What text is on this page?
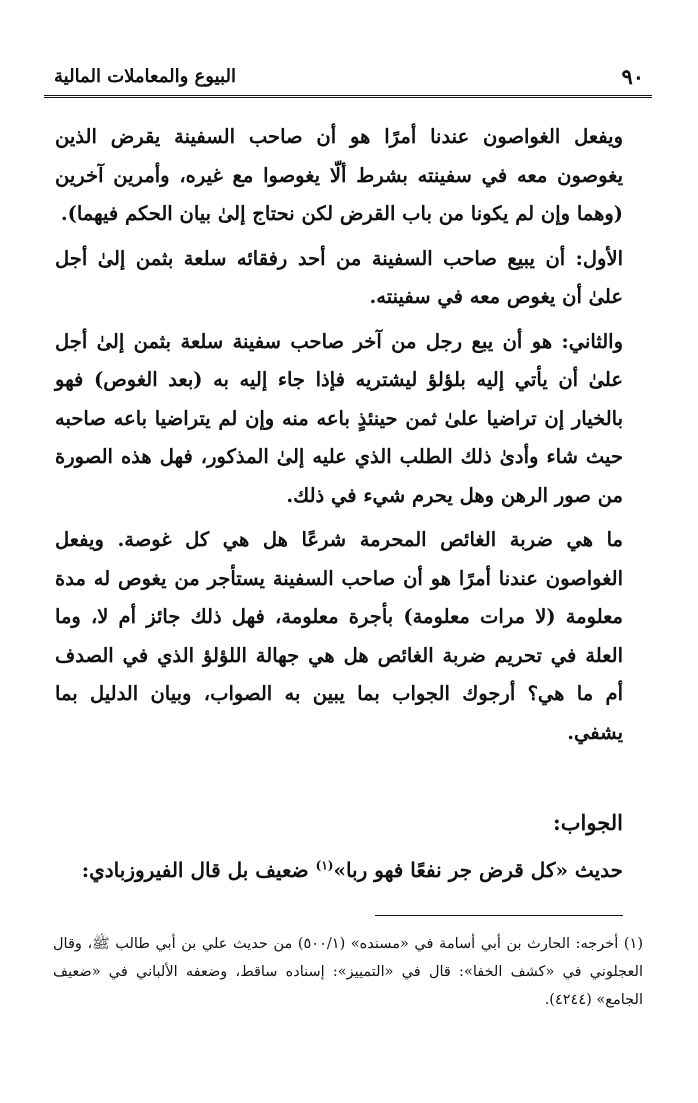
٩٠
البيوع والمعاملات المالية

ويفعل الغواصون عندنا أمرًا هو أن صاحب السفينة يقرض الذين يغوصون معه في سفينته بشرط ألّا يغوصوا مع غيره، وأمرين آخرين (وهما وإن لم يكونا من باب القرض لكن نحتاج إلىٰ بيان الحكم فيهما).

الأول: أن يبيع صاحب السفينة من أحد رفقائه سلعة بثمن إلىٰ أجل علىٰ أن يغوص معه في سفينته.

والثاني: هو أن يبع رجل من آخر صاحب سفينة سلعة بثمن إلىٰ أجل علىٰ أن يأتي إليه بلؤلؤ ليشتريه فإذا جاء إليه به (بعد الغوص) فهو بالخيار إن تراضيا علىٰ ثمن حينئذٍ باعه منه وإن لم يتراضيا باعه صاحبه حيث شاء وأدىٰ ذلك الطلب الذي عليه إلىٰ المذكور، فهل هذه الصورة من صور الرهن وهل يحرم شيء في ذلك.

ما هي ضربة الغائص المحرمة شرعًا هل هي كل غوصة. ويفعل الغواصون عندنا أمرًا هو أن صاحب السفينة يستأجر من يغوص له مدة معلومة (لا مرات معلومة) بأجرة معلومة، فهل ذلك جائز أم لا، وما العلة في تحريم ضربة الغائص هل هي جهالة اللؤلؤ الذي في الصدف أم ما هي؟ أرجوك الجواب بما يبين به الصواب، وبيان الدليل بما يشفي.

الجواب:
حديث «كل قرض جر نفعًا فهو ربا»$^{(١)}$ ضعيف بل قال الفيروزبادي:
(١) أخرجه: الحارث بن أبي أسامة في «مسنده» (٥٠٠/١) من حديث علي بن أبي طالب ﷺ، وقال العجلوني في «كشف الخفا»: قال في «التمييز»: إسناده ساقط، وضعفه الألباني في «ضعيف الجامع» (٤٢٤٤).
